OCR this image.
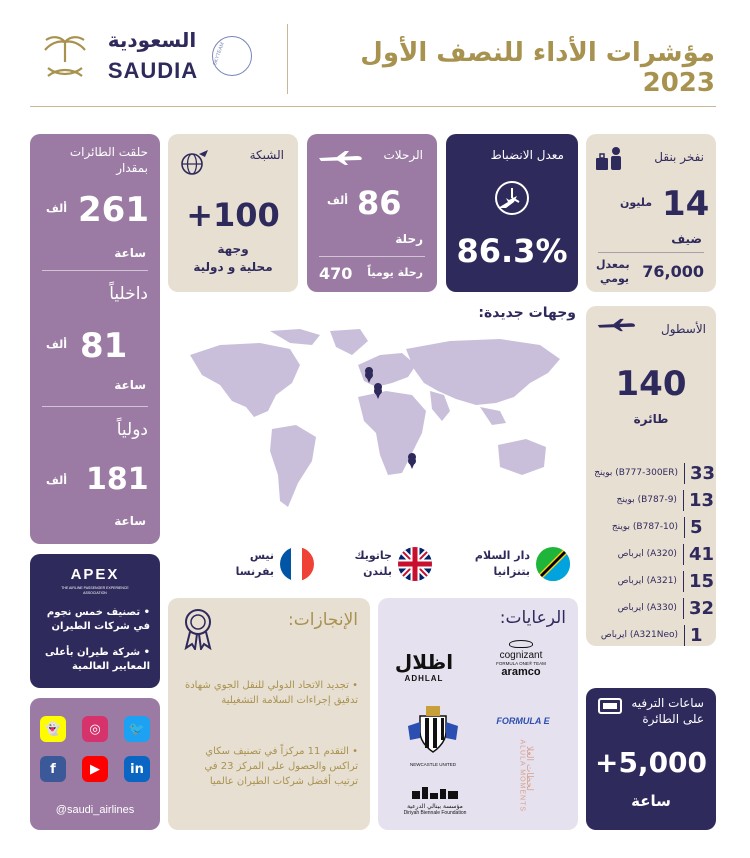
السعودية
SAUDIA
SKYTEAM	مؤشرات الأداء للنصف الأول 2023
حلقت الطائرات بمقدار
261
ألف
ساعة
داخلياً
81
ألف
ساعة
دولياً
181
ألف
ساعة
الشبكة
100+
وجهة
محلية و دولية
الرحلات
86
ألف
رحلة
470 رحلة يومياً
معدل الانضباط
86.3%
نفخر بنقل
14
مليون
ضيف
بمعدل
يومي 76,000
وجهات جديدة:
دار السلام
بتنزانيا
جاتويك
بلندن
نيس
بفرنسا
الأسطول
140
طائرة
بوينج (B777-300ER) 33
بوينج (B787-9) 13
بوينج (B787-10) 5
ايرباص (A320) 41
ايرباص (A321) 15
ايرباص (A330) 32
ايرباص (A321Neo) 1
APEX
THE AIRLINE PASSENGER EXPERIENCE ASSOCIATION
• تصنيف خمس نجوم في شركات الطيران
• شركة طيران بأعلى المعايير العالمية
الإنجازات:
• تجديد الاتحاد الدولي للنقل الجوي شهادة تدقيق إجراءات السلامة التشغيلية
• التقدم 11 مركزاً في تصنيف سكاي تراكس والحصول على المركز 23 في ترتيب أفضل شركات الطيران عالميا
الرعايات:
اظلال
ADHLAL
cognizant
FORMULA ONE® TEAM
aramco
FORMULA E
NEWCASTLE UNITED	ALULA MOMENTS
لحظات العلا
مؤسسة بينالي الدرعية
Diriyah Biennale Foundation
ساعات الترفيه
على الطائرة
+5,000
ساعة
👻	◎	🐦
f	▶	in
@saudi_airlines
